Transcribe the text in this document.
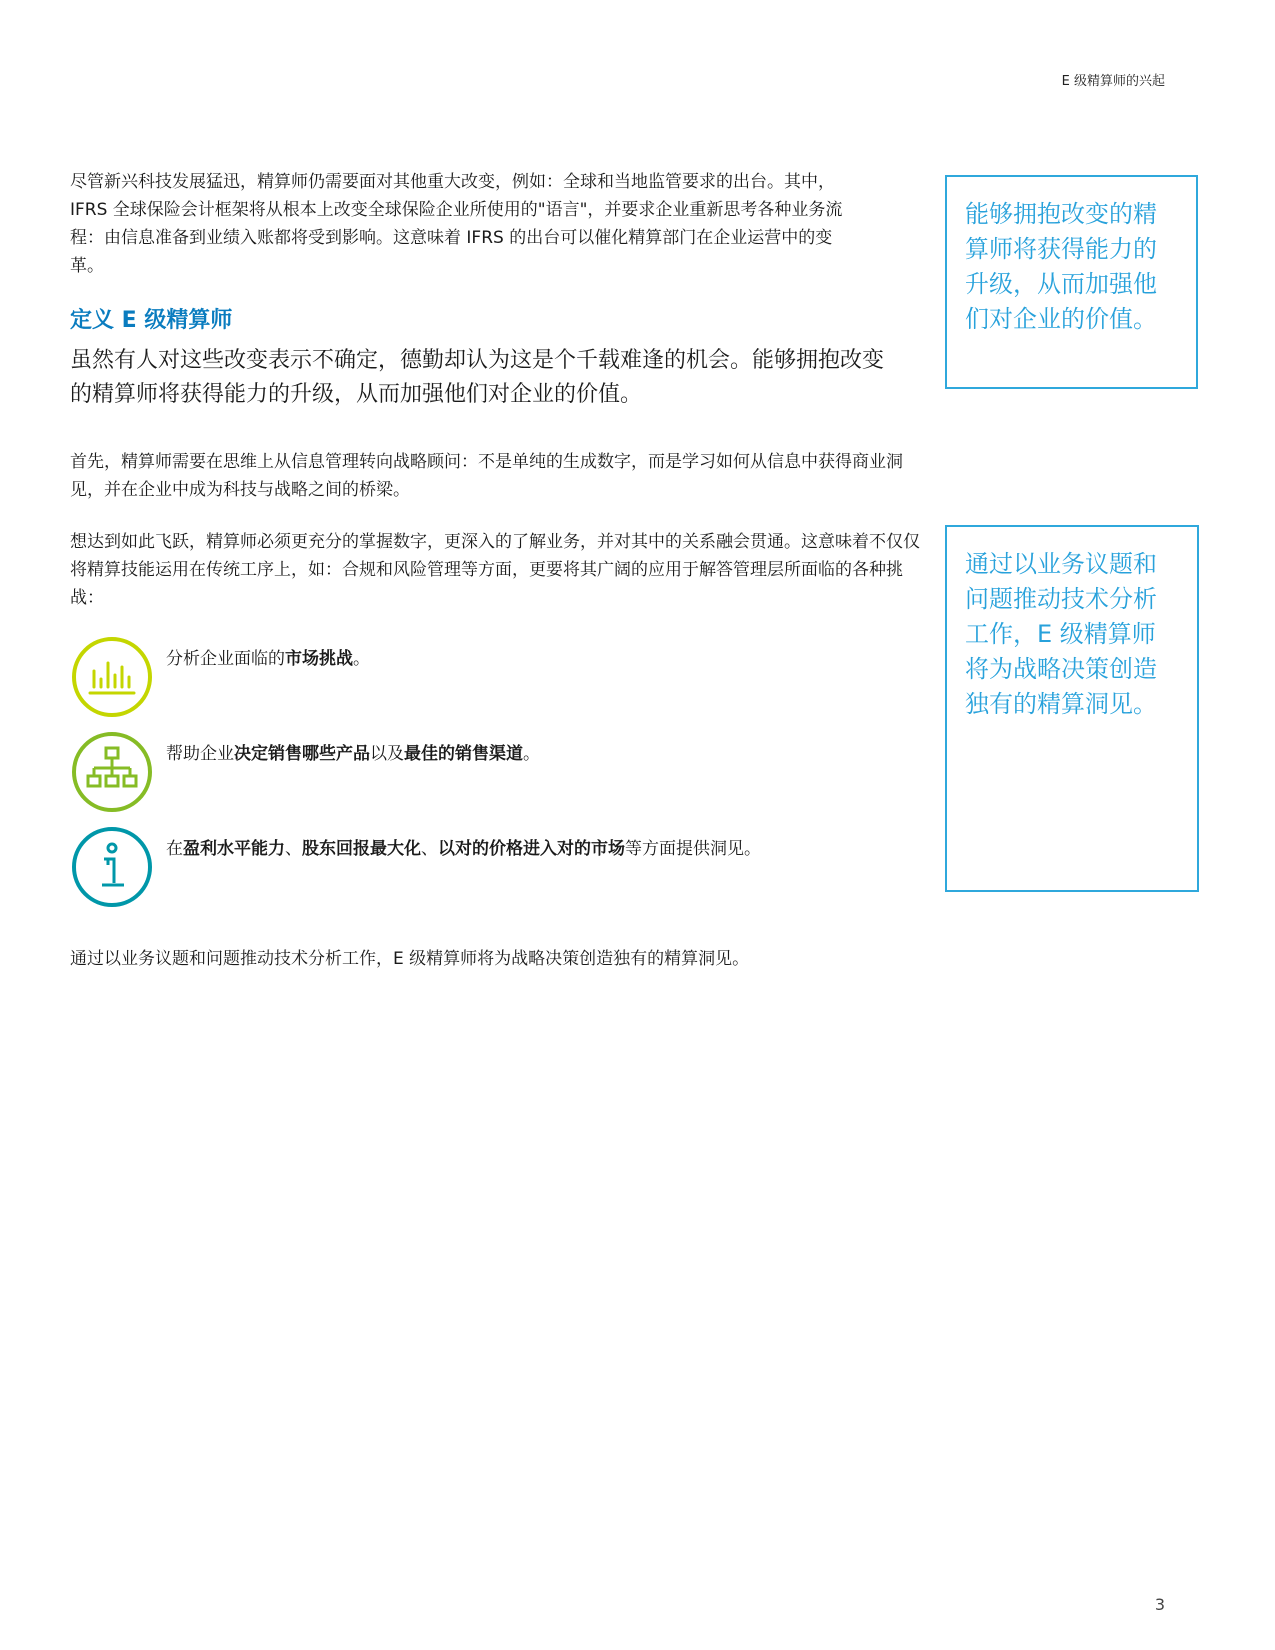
E 级精算师的兴起
尽管新兴科技发展猛迅，精算师仍需要面对其他重大改变，例如：全球和当地监管要求的出台。其中，IFRS 全球保险会计框架将从根本上改变全球保险企业所使用的"语言"，并要求企业重新思考各种业务流程：由信息准备到业绩入账都将受到影响。这意味着 IFRS 的出台可以催化精算部门在企业运营中的变革。
定义 E 级精算师
虽然有人对这些改变表示不确定，德勤却认为这是个千载难逢的机会。能够拥抱改变的精算师将获得能力的升级，从而加强他们对企业的价值。
首先，精算师需要在思维上从信息管理转向战略顾问：不是单纯的生成数字，而是学习如何从信息中获得商业洞见，并在企业中成为科技与战略之间的桥梁。
想达到如此飞跃，精算师必须更充分的掌握数字，更深入的了解业务，并对其中的关系融会贯通。这意味着不仅仅将精算技能运用在传统工序上，如：合规和风险管理等方面，更要将其广阔的应用于解答管理层所面临的各种挑战：
分析企业面临的市场挑战。
帮助企业决定销售哪些产品以及最佳的销售渠道。
在盈利水平能力、股东回报最大化、以对的价格进入对的市场等方面提供洞见。
通过以业务议题和问题推动技术分析工作，E 级精算师将为战略决策创造独有的精算洞见。
能够拥抱改变的精算师将获得能力的升级，从而加强他们对企业的价值。
通过以业务议题和问题推动技术分析工作，E 级精算师将为战略决策创造独有的精算洞见。
3
